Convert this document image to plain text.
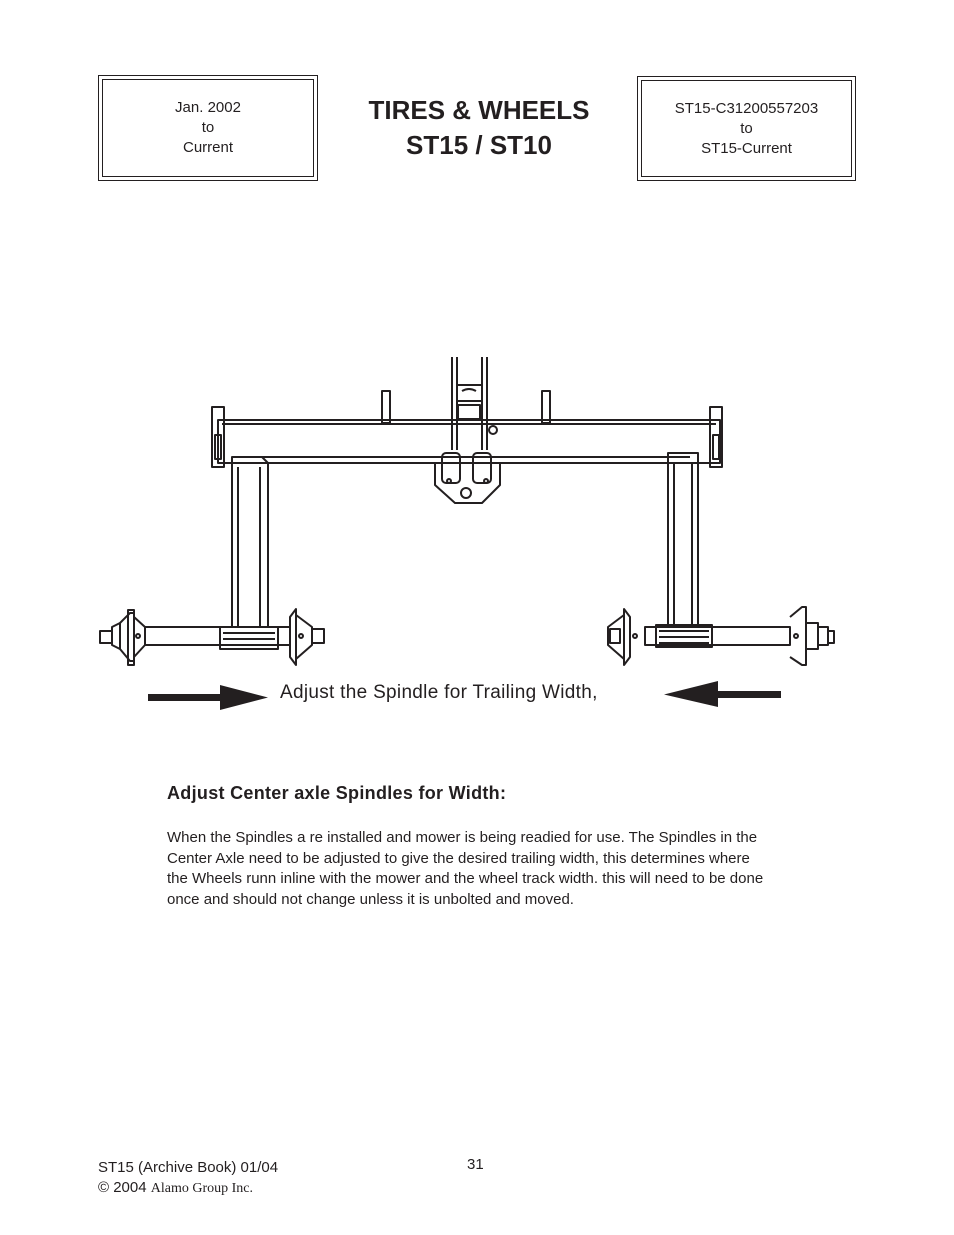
Jan. 2002
to
Current
TIRES & WHEELS
ST15 / ST10
ST15-C31200557203
to
ST15-Current
Adjust the Spindle for Trailing Width,
Adjust Center axle Spindles for Width:
When the Spindles a re installed and mower is being readied for use. The Spindles in the
Center Axle need to be adjusted to give the desired trailing width, this determines where
the Wheels runn inline with the mower and the wheel track width. this will need to be done
once and should not change unless it is unbolted and moved.
ST15 (Archive Book) 01/04
© 2004 Alamo Group Inc.
31
